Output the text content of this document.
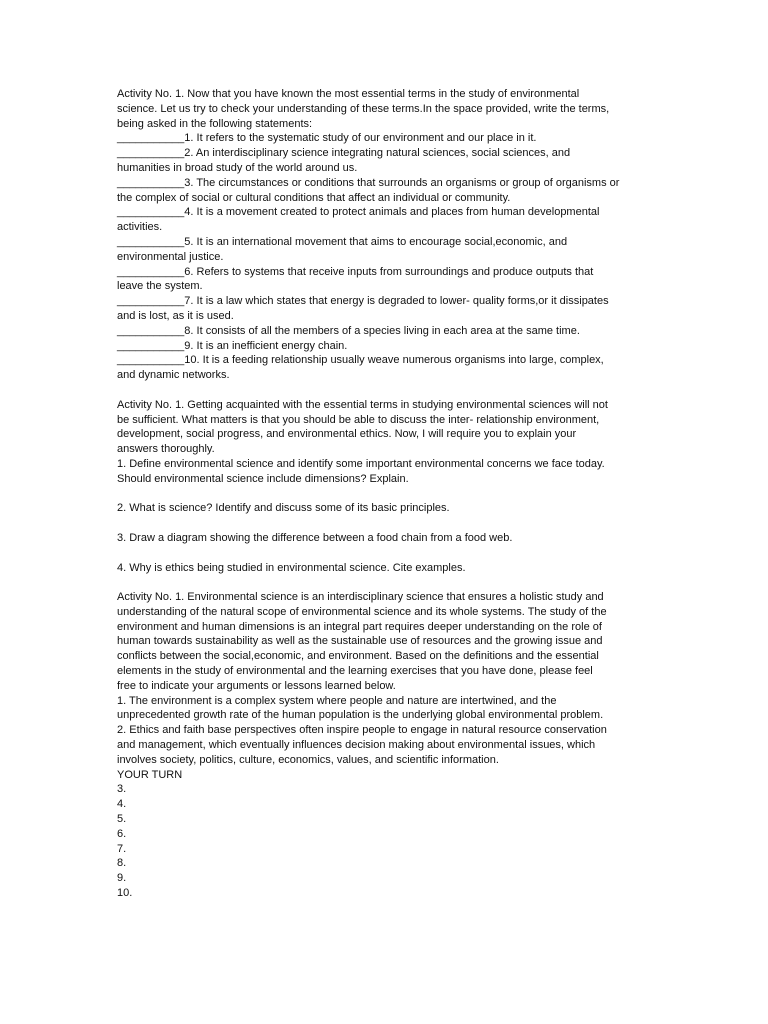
Activity No. 1. Now that you have known the most essential terms in the study of environmental

science. Let us try to check your understanding of these terms.In the space provided, write the terms,

being asked in the following statements:

___________1. It refers to the systematic study of our environment and our place in it.

___________2. An interdisciplinary science integrating natural sciences, social sciences, and

humanities in broad study of the world around us.

___________3. The circumstances or conditions that surrounds an organisms or group of organisms or

the complex of social or cultural conditions that affect an individual or community.

___________4. It is a movement created to protect animals and places from human developmental

activities.

___________5. It is an international movement that aims to encourage social,economic, and

environmental justice.

___________6. Refers to systems that receive inputs from surroundings and produce outputs that

leave the system.

___________7. It is a law which states that energy is degraded to lower- quality forms,or it dissipates

and is lost, as it is used.

___________8. It consists of all the members of a species living in each area at the same time.

___________9. It is an inefficient energy chain.

___________10. It is a feeding relationship usually weave numerous organisms into large, complex,

and dynamic networks.

Activity No. 1. Getting acquainted with the essential terms in studying environmental sciences will not

be sufficient. What matters is that you should be able to discuss the inter- relationship environment,

development, social progress, and environmental ethics. Now, I will require you to explain your

answers thoroughly.

1. Define environmental science and identify some important environmental concerns we face today.

Should environmental science include dimensions? Explain.

2. What is science? Identify and discuss some of its basic principles.

3. Draw a diagram showing the difference between a food chain from a food web.

4. Why is ethics being studied in environmental science. Cite examples.

Activity No. 1. Environmental science is an interdisciplinary science that ensures a holistic study and

understanding of the natural scope of environmental science and its whole systems. The study of the

environment and human dimensions is an integral part requires deeper understanding on the role of

human towards sustainability as well as the sustainable use of resources and the growing issue and

conflicts between the social,economic, and environment. Based on the definitions and the essential

elements in the study of environmental and the learning exercises that you have done, please feel

free to indicate your arguments or lessons learned below.

1. The environment is a complex system where people and nature are intertwined, and the

unprecedented growth rate of the human population is the underlying global environmental problem.

2. Ethics and faith base perspectives often inspire people to engage in natural resource conservation

and management, which eventually influences decision making about environmental issues, which

involves society, politics, culture, economics, values, and scientific information.

YOUR TURN

3.

4.

5.

6.

7.

8.

9.

10.
